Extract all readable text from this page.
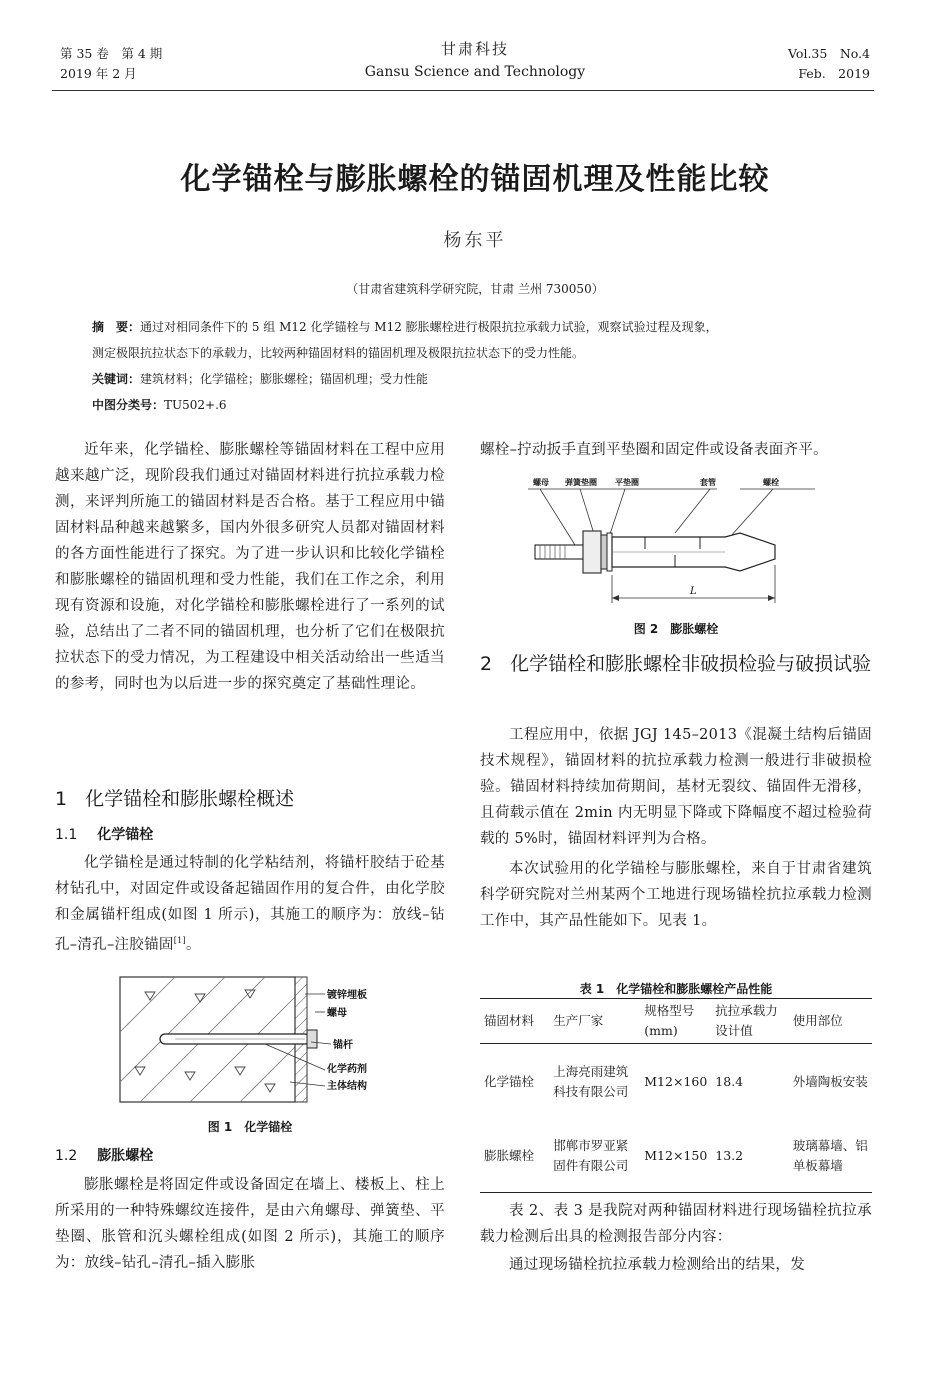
第 35 卷　第 4 期
2019 年 2 月
甘肃科技
Gansu Science and Technology
Vol.35　No.4
Feb.　2019
化学锚栓与膨胀螺栓的锚固机理及性能比较
杨东平
（甘肃省建筑科学研究院，甘肃 兰州 730050）
摘　要：通过对相同条件下的 5 组 M12 化学锚栓与 M12 膨胀螺栓进行极限抗拉承载力试验，观察试验过程及现象，
测定极限抗拉状态下的承载力，比较两种锚固材料的锚固机理及极限抗拉状态下的受力性能。
关键词：建筑材料；化学锚栓；膨胀螺栓；锚固机理；受力性能
中图分类号：TU502+.6

近年来，化学锚栓、膨胀螺栓等锚固材料在工程中应用越来越广泛，现阶段我们通过对锚固材料进行抗拉承载力检测，来评判所施工的锚固材料是否合格。基于工程应用中锚固材料品种越来越繁多，国内外很多研究人员都对锚固材料的各方面性能进行了探究。为了进一步认识和比较化学锚栓和膨胀螺栓的锚固机理和受力性能，我们在工作之余，利用现有资源和设施，对化学锚栓和膨胀螺栓进行了一系列的试验，总结出了二者不同的锚固机理，也分析了它们在极限抗拉状态下的受力情况，为工程建设中相关活动给出一些适当的参考，同时也为以后进一步的探究奠定了基础性理论。

1 化学锚栓和膨胀螺栓概述
1.1 化学锚栓

化学锚栓是通过特制的化学粘结剂，将锚杆胶结于砼基材钻孔中，对固定件或设备起锚固作用的复合件，由化学胶和金属锚杆组成(如图 1 所示)，其施工的顺序为：放线–钻孔–清孔–注胶锚固[1]。

镀锌埋板
螺母
锚杆
化学药剂
主体结构
图 1　化学锚栓
1.2 膨胀螺栓

膨胀螺栓是将固定件或设备固定在墙上、楼板上、柱上所采用的一种特殊螺纹连接件，是由六角螺母、弹簧垫、平垫圈、胀管和沉头螺栓组成(如图 2 所示)，其施工的顺序为：放线–钻孔–清孔–插入膨胀

螺栓–拧动扳手直到平垫圈和固定件或设备表面齐平。
螺母 弹簧垫圈 平垫圈	套管	螺栓
L
图 2　膨胀螺栓
2 化学锚栓和膨胀螺栓非破损检验与破损试验

工程应用中，依据 JGJ 145–2013《混凝土结构后锚固技术规程》，锚固材料的抗拉承载力检测一般进行非破损检验。锚固材料持续加荷期间，基材无裂纹、锚固件无滑移，且荷载示值在 2min 内无明显下降或下降幅度不超过检验荷载的 5%时，锚固材料评判为合格。

本次试验用的化学锚栓与膨胀螺栓，来自于甘肃省建筑科学研究院对兰州某两个工地进行现场锚栓抗拉承载力检测工作中，其产品性能如下。见表 1。

表 1　化学锚栓和膨胀螺栓产品性能
锚固材料	生产厂家	规格型号(mm)	抗拉承载力设计值	使用部位
化学锚栓	上海亮雨建筑科技有限公司	M12×160	18.4	外墙陶板安装
膨胀螺栓	邯郸市罗亚紧固件有限公司	M12×150	13.2	玻璃幕墙、铝单板幕墙

表 2、表 3 是我院对两种锚固材料进行现场锚栓抗拉承载力检测后出具的检测报告部分内容：

通过现场锚栓抗拉承载力检测给出的结果，发
